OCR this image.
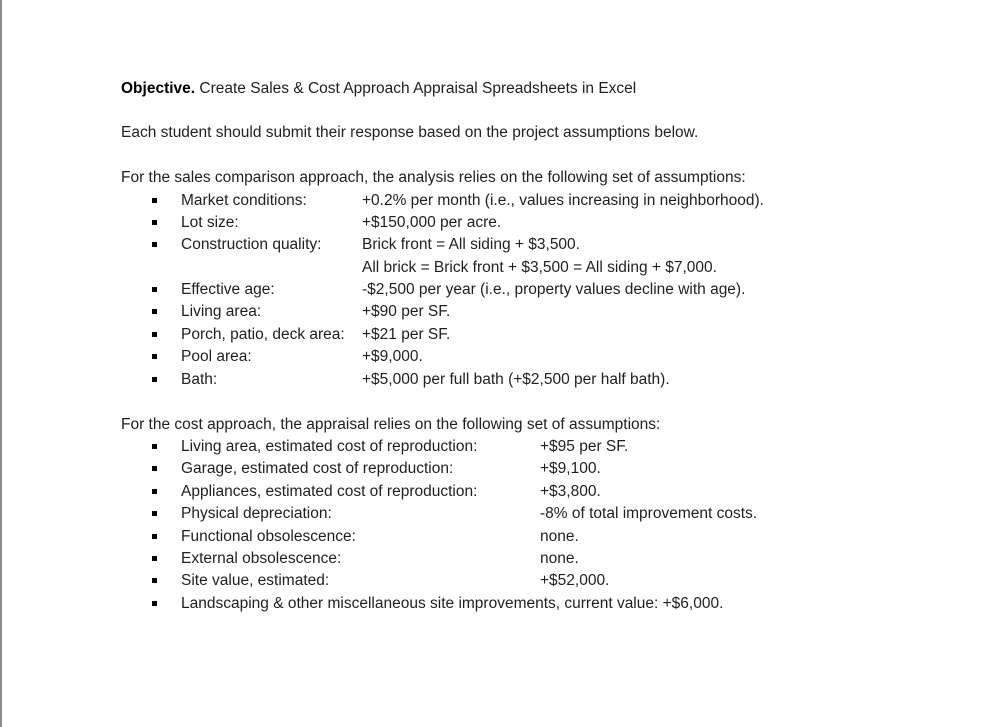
Objective. Create Sales & Cost Approach Appraisal Spreadsheets in Excel
Each student should submit their response based on the project assumptions below.
For the sales comparison approach, the analysis relies on the following set of assumptions:
Market conditions:	+0.2% per month (i.e., values increasing in neighborhood).
Lot size:	+$150,000 per acre.
Construction quality:	Brick front = All siding + $3,500.
All brick = Brick front + $3,500 = All siding + $7,000.
Effective age:	-$2,500 per year (i.e., property values decline with age).
Living area:	+$90 per SF.
Porch, patio, deck area: +$21 per SF.
Pool area:	+$9,000.
Bath:	+$5,000 per full bath (+$2,500 per half bath).
For the cost approach, the appraisal relies on the following set of assumptions:
Living area, estimated cost of reproduction:	+$95 per SF.
Garage, estimated cost of reproduction:	+$9,100.
Appliances, estimated cost of reproduction:	+$3,800.
Physical depreciation:	-8% of total improvement costs.
Functional obsolescence:	none.
External obsolescence:	none.
Site value, estimated:	+$52,000.
Landscaping & other miscellaneous site improvements, current value: +$6,000.
